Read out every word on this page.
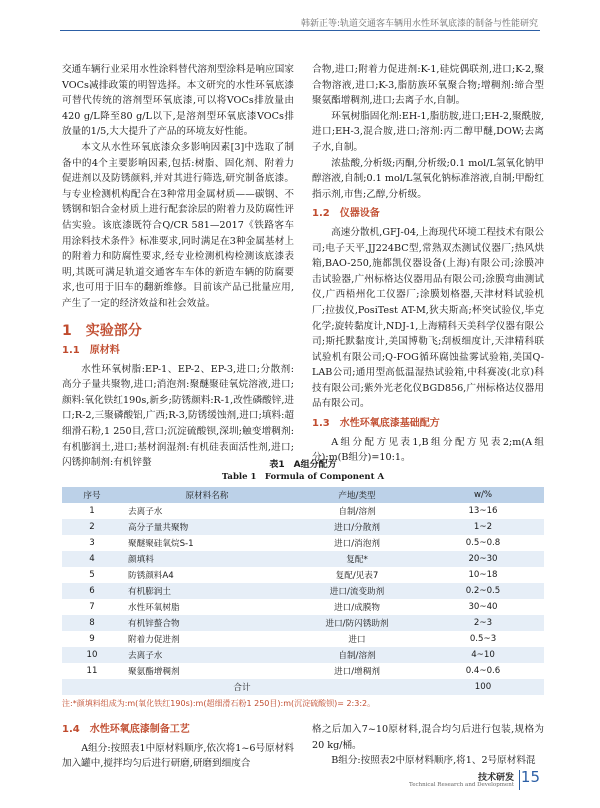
韩新正等:轨道交通客车辆用水性环氧底漆的制备与性能研究

交通车辆行业采用水性涂料替代溶剂型涂料是响应国家VOCs减排政策的明智选择。本文研究的水性环氧底漆可替代传统的溶剂型环氧底漆,可以将VOCs排放量由420 g/L降至80 g/L以下,是溶剂型环氧底漆VOCs排放量的1/5,大大提升了产品的环境友好性能。

本文从水性环氧底漆众多影响因素[3]中选取了制备中的4个主要影响因素,包括:树脂、固化剂、附着力促进剂以及防锈颜料,并对其进行筛选,研究制备底漆。与专业检测机构配合在3种常用金属材质——碳钢、不锈钢和铝合金材质上进行配套涂层的附着力及防腐性评估实验。该底漆既符合Q/CR 581—2017《铁路客车用涂料技术条件》标准要求,同时满足在3种金属基材上的附着力和防腐性要求,经专业检测机构检测该底漆表明,其既可满足轨道交通客车车体的新造车辆的防腐要求,也可用于旧车的翻新维修。目前该产品已批量应用,产生了一定的经济效益和社会效益。

1　 实验部分
1.1　 原材料

水性环氧树脂:EP-1、EP-2、EP-3,进口;分散剂:高分子量共聚物,进口;消泡剂:聚醚聚硅氧烷溶液,进口;颜料:氧化铁红190s,新乡;防锈颜料:R-1,改性磷酸锌,进口;R-2,三聚磷酸铝,广西;R-3,防锈缓蚀剂,进口;填料:超细滑石粉,1 250目,营口;沉淀硫酸钡,深圳;触变增稠剂:有机膨润土,进口;基材润湿剂:有机硅表面活性剂,进口;闪锈抑制剂:有机锌螯

合物,进口;附着力促进剂:K-1,硅烷偶联剂,进口;K-2,聚合物溶液,进口;K-3,脂肪族环氧聚合物;增稠剂:缔合型聚氨酯增稠剂,进口;去离子水,自制。

环氧树脂固化剂:EH-1,脂肪胺,进口;EH-2,聚酰胺,进口;EH-3,混合胺,进口;溶剂:丙二醇甲醚,DOW;去离子水,自制。

浓盐酸,分析级;丙酮,分析级;0.1 mol/L氢氧化钠甲醇溶液,自制;0.1 mol/L氢氧化钠标准溶液,自制;甲酚红指示剂,市售;乙醇,分析级。

1.2　 仪器设备

高速分散机,GFJ-04,上海现代环境工程技术有限公司;电子天平,JJ224BC型,常熟双杰测试仪器厂;热风烘箱,BAO-250,施都凯仪器设备(上海)有限公司;涂膜冲击试验器,广州标格达仪器用品有限公司;涂膜弯曲测试仪,广西梧州化工仪器厂;涂膜划格器,天津材料试验机厂;拉拔仪,PosiTest AT-M,狄夫斯高;杯突试验仪,毕克化学;旋转黏度计,NDJ-1,上海精科天美科学仪器有限公司;斯托默黏度计,美国博勒飞;刮板细度计,天津精科联试验机有限公司;Q-FOG循环腐蚀盐雾试验箱,美国Q-LAB公司;通用型高低温湿热试验箱,中科赛凌(北京)科技有限公司;紫外光老化仪BGD856,广州标格达仪器用品有限公司。

1.3　 水性环氧底漆基础配方

A组分配方见表1,B组分配方见表2;m(A组分):m(B组分)=10:1。

表1　A组分配方
Table 1　Formula of Component A
序号	原材料名称	产地/类型	w/%
1	去离子水	自制/溶剂	13~16
2	高分子量共聚物	进口/分散剂	1~2
3	聚醚聚硅氧烷S-1	进口/消泡剂	0.5~0.8
4	颜填料	复配*	20~30
5	防锈颜料A4	复配/见表7	10~18
6	有机膨润土	进口/流变助剂	0.2~0.5
7	水性环氧树脂	进口/成膜物	30~40
8	有机锌螯合物	进口/防闪锈助剂	2~3
9	附着力促进剂	进口	0.5~3
10	去离子水	自制/溶剂	4~10
11	聚氨酯增稠剂	进口/增稠剂	0.4~0.6
合计			100
注:*颜填料组成为:m(氧化铁红190s):m(超细滑石粉1 250目):m(沉淀硫酸钡)= 2:3:2。
1.4　 水性环氧底漆制备工艺

A组分:按照表1中原材料顺序,依次将1~6号原材料加入罐中,搅拌均匀后进行研磨,研磨到细度合

格之后加入7~10原材料,混合均匀后进行包装,规格为20 kg/桶。

B组分:按照表2中原材料顺序,将1、2号原材料混

技术研发
Technical Research and Development 15
